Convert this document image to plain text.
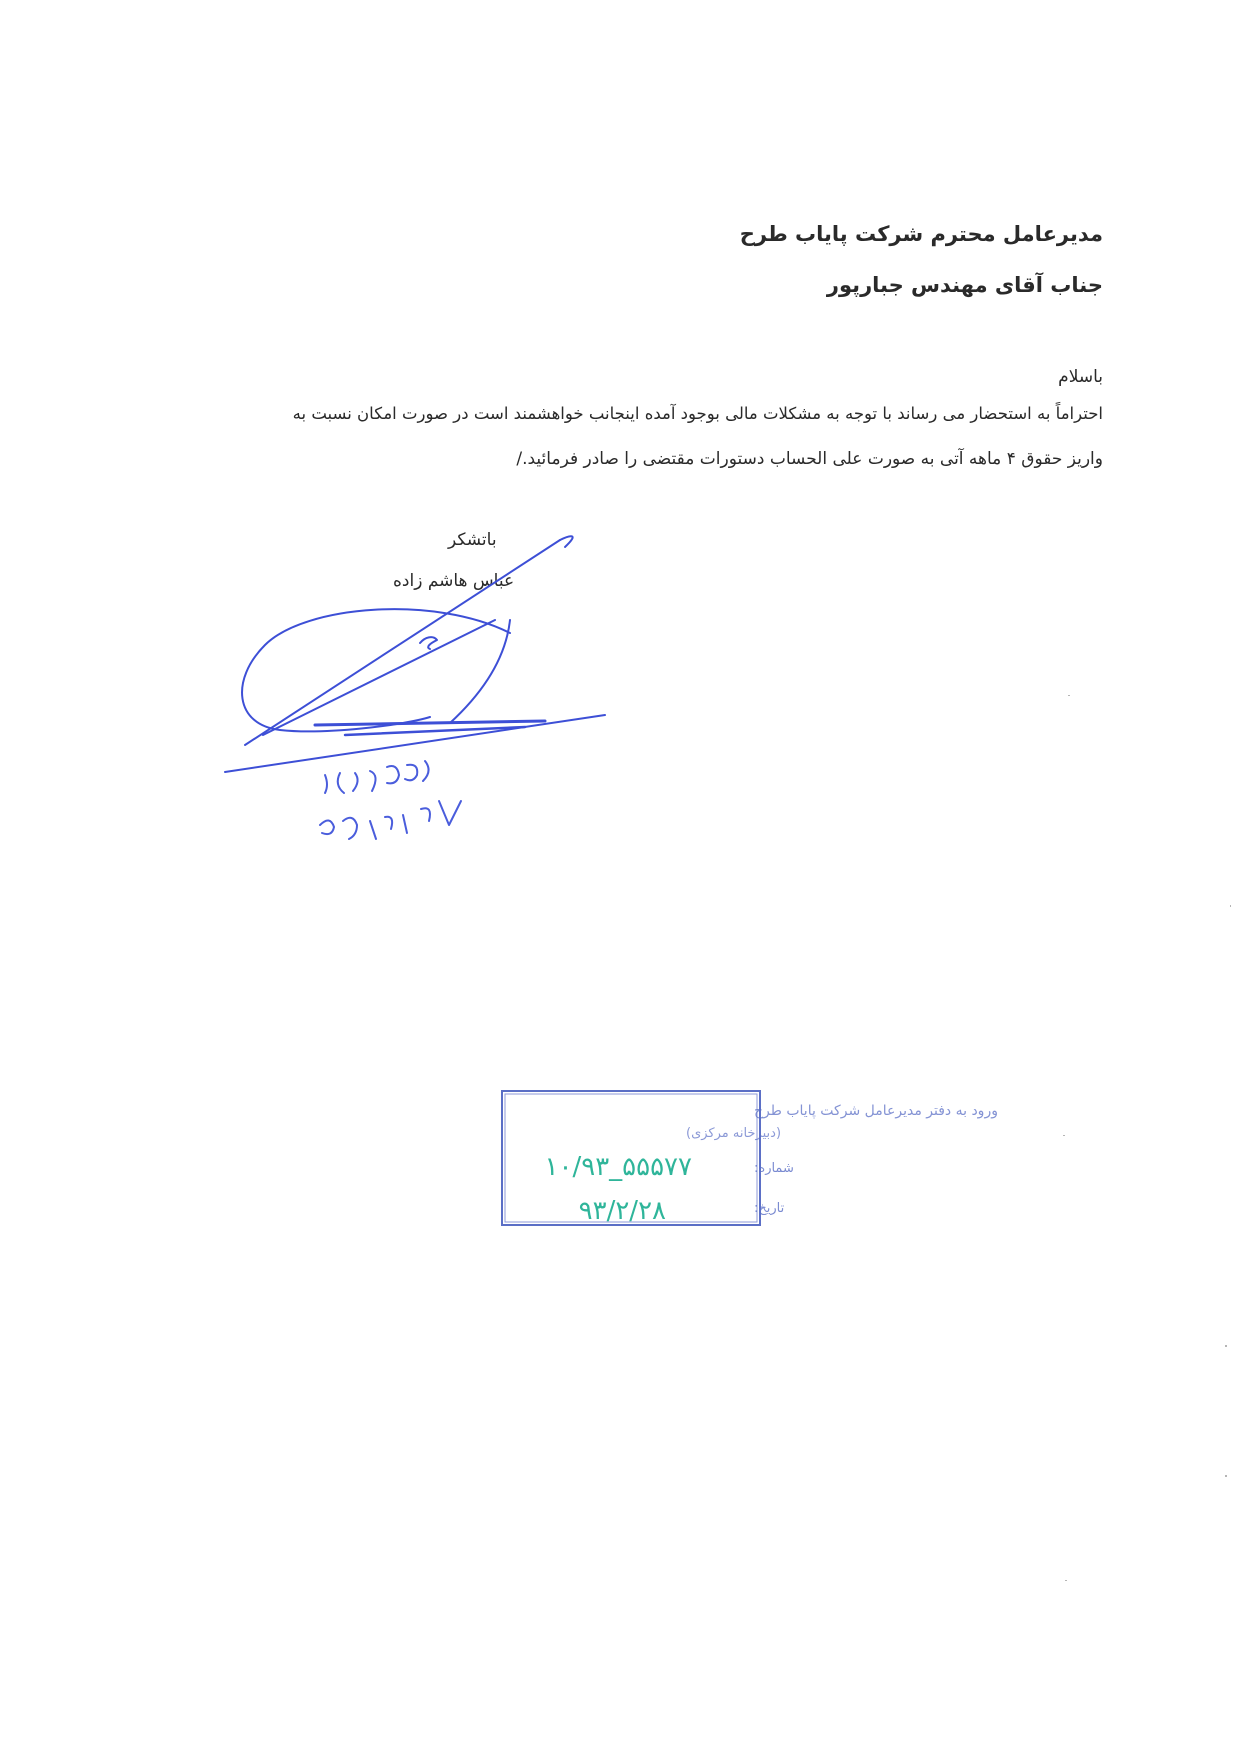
مدیرعامل محترم شرکت پایاب طرح
جناب آقای مهندس جبارپور
باسلام
احتراماً به استحضار می رساند با توجه به مشکلات مالی بوجود آمده اینجانب خواهشمند است در صورت امکان نسبت به
واریز حقوق ۴ ماهه آتی به صورت علی الحساب دستورات مقتضی را صادر فرمائید./
باتشکر
عباس هاشم زاده
ورود به دفتر مدیرعامل شرکت پایاب طرح
(دبیرخانه مرکزی)
شماره:
تاریخ:
۱۰/۹۳_۵۵۵۷۷
۹۳/۲/۲۸
